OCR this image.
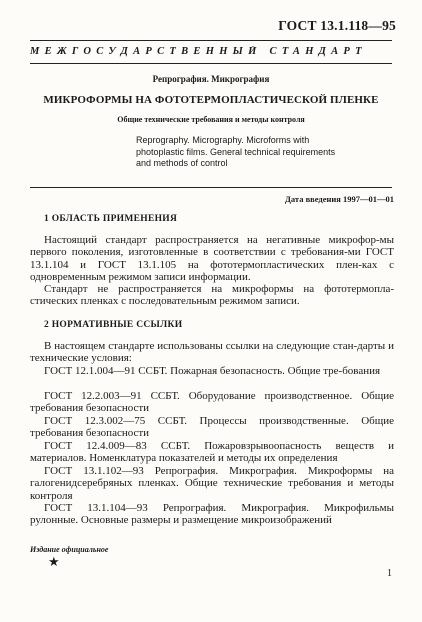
ГОСТ 13.1.118—95
МЕЖГОСУДАРСТВЕННЫЙ СТАНДАРТ
Репрография. Микрография
МИКРОФОРМЫ НА ФОТОТЕРМОПЛАСТИЧЕСКОЙ ПЛЕНКЕ
Общие технические требования и методы контроля
Reprography. Micrography. Microforms with
photoplastic films. General technical requirements
and methods of control
Дата введения 1997—01—01
1 ОБЛАСТЬ ПРИМЕНЕНИЯ

Настоящий стандарт распространяется на негативные микрофор-мы первого поколения, изготовленные в соответствии с требования-ми ГОСТ 13.1.104 и ГОСТ 13.1.105 на фототермопластических плен-ках с одновременным режимом записи информации.

Стандарт не распространяется на микроформы на фототермопла-стических пленках с последовательным режимом записи.

2 НОРМАТИВНЫЕ ССЫЛКИ

В настоящем стандарте использованы ссылки на следующие стан-дарты и технические условия:

ГОСТ 12.1.004—91 ССБТ. Пожарная безопасность. Общие тре-бования

ГОСТ 12.2.003—91 ССБТ. Оборудование производственное. Общие требования безопасности

ГОСТ 12.3.002—75 ССБТ. Процессы производственные. Общие требования безопасности

ГОСТ 12.4.009—83 ССБТ. Пожаровзрывоопасность веществ и материалов. Номенклатура показателей и методы их определения

ГОСТ 13.1.102—93 Репрография. Микрография. Микроформы на галогенидсеребряных пленках. Общие технические требования и методы контроля

ГОСТ 13.1.104—93 Репрография. Микрография. Микрофильмы рулонные. Основные размеры и размещение микроизображений

Издание официальное
★
1
